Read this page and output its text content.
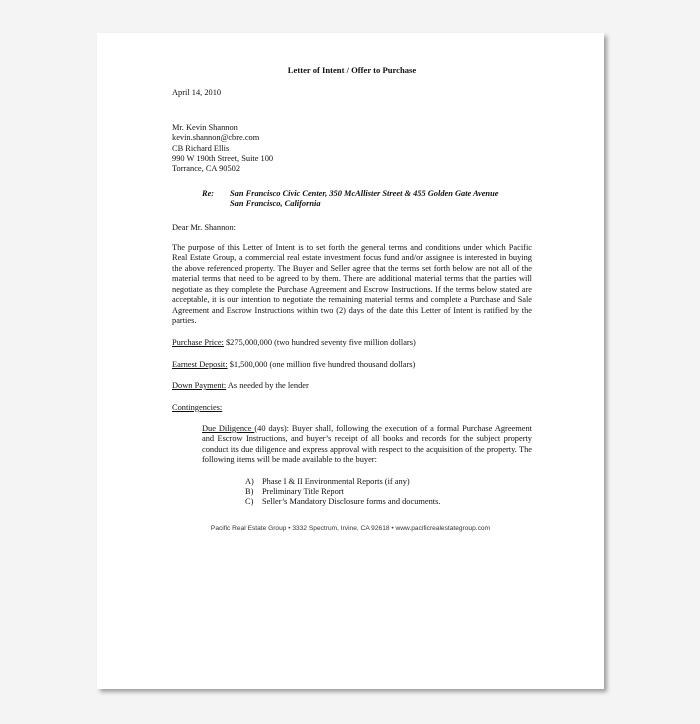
Letter of Intent / Offer to Purchase
April 14, 2010
Mr. Kevin Shannon
kevin.shannon@cbre.com
CB Richard Ellis
990 W 190th Street, Suite 100
Torrance, CA 90502
Re:	San Francisco Civic Center, 350 McAllister Street & 455 Golden Gate Avenue
San Francisco, California
Dear Mr. Shannon:

The purpose of this Letter of Intent is to set forth the general terms and conditions under which Pacific Real Estate Group, a commercial real estate investment focus fund and/or assignee is interested in buying the above referenced property. The Buyer and Seller agree that the terms set forth below are not all of the material terms that need to be agreed to by them. There are additional material terms that the parties will negotiate as they complete the Purchase Agreement and Escrow Instructions. If the terms below stated are acceptable, it is our intention to negotiate the remaining material terms and complete a Purchase and Sale Agreement and Escrow Instructions within two (2) days of the date this Letter of Intent is ratified by the parties.

Purchase Price: $275,000,000 (two hundred seventy five million dollars)
Earnest Deposit: $1,500,000 (one million five hundred thousand dollars)
Down Payment: As needed by the lender
Contingencies:

Due Diligence (40 days): Buyer shall, following the execution of a formal Purchase Agreement and Escrow Instructions, and buyer’s receipt of all books and records for the subject property conduct its due diligence and express approval with respect to the acquisition of the property. The following items will be made available to the buyer:

A) Phase I & II Environmental Reports (if any)
B)	Preliminary Title Report
C)	Seller’s Mandatory Disclosure forms and documents.
Pacific Real Estate Group • 3332 Spectrum, Irvine, CA 92618 • www.pacificrealestategroup.com
